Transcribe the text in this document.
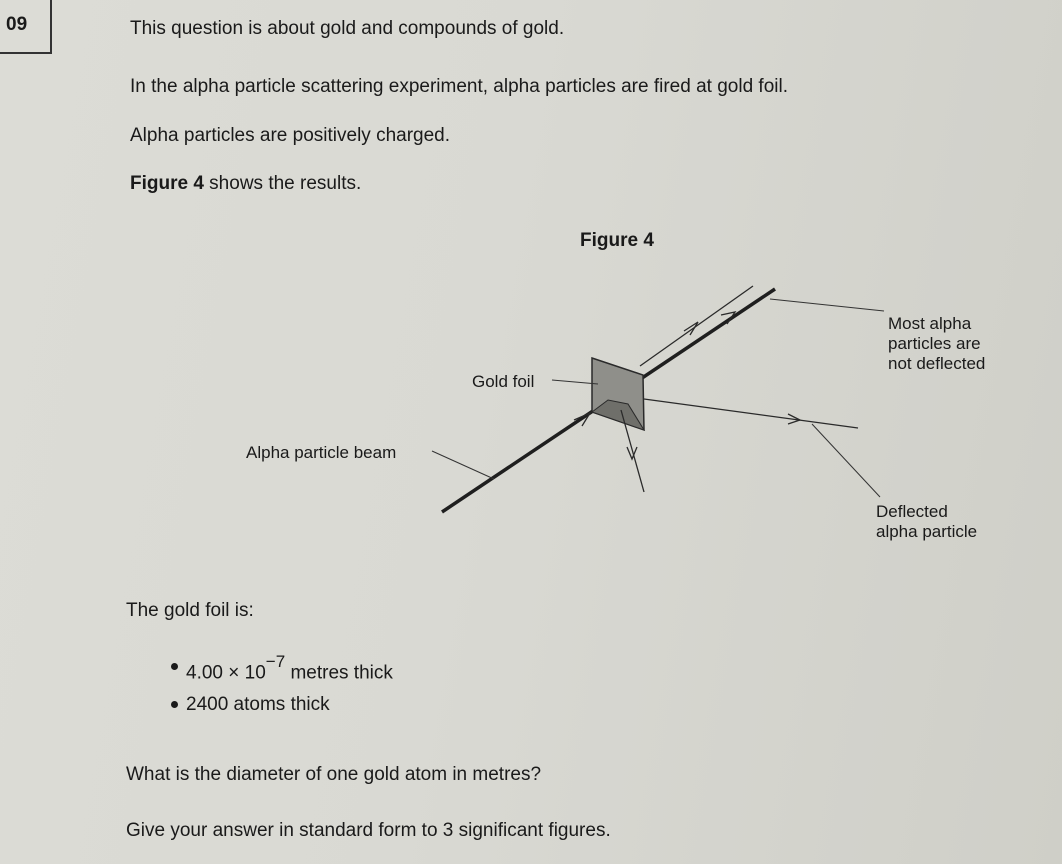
09	This question is about gold and compounds of gold.
In the alpha particle scattering experiment, alpha particles are fired at gold foil.
Alpha particles are positively charged.
Figure 4 shows the results.
Figure 4
Most alpha
particles are
not deflected
Gold foil
Alpha particle beam
Deflected
alpha particle
The gold foil is:
$4.00 \times 10^{-7}$ metres thick
2400 atoms thick
What is the diameter of one gold atom in metres?
Give your answer in standard form to 3 significant figures.
